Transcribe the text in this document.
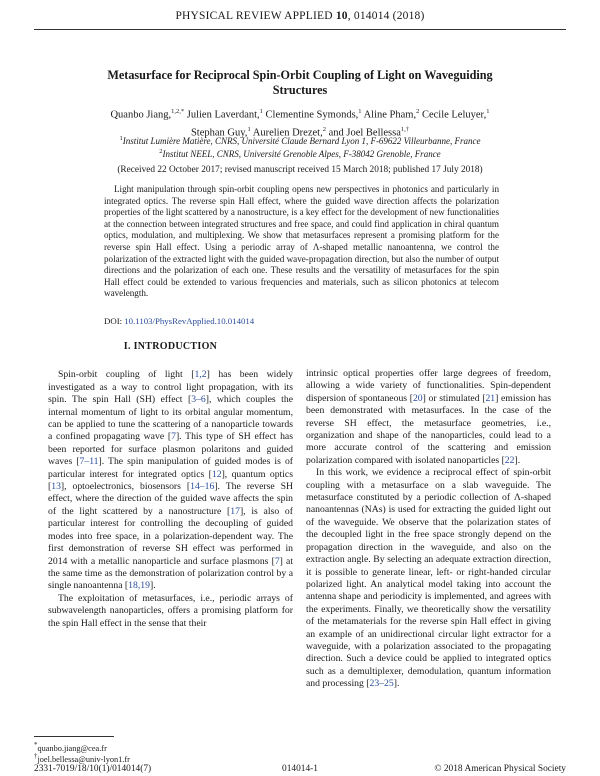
PHYSICAL REVIEW APPLIED 10, 014014 (2018)
Metasurface for Reciprocal Spin-Orbit Coupling of Light on Waveguiding
Structures
Quanbo Jiang,$^{1,2,*}$ Julien Laverdant,$^1$ Clementine Symonds,$^1$ Aline Pham,$^2$ Cecile Leluyer,$^1$
Stephan Guy,$^1$ Aurelien Drezet,$^2$ and Joel Bellessa$^{1,\dagger}$
$^1$Institut Lumière Matière, CNRS, Université Claude Bernard Lyon 1, F-69622 Villeurbanne, France
$^2$Institut NEEL, CNRS, Université Grenoble Alpes, F-38042 Grenoble, France
(Received 22 October 2017; revised manuscript received 15 March 2018; published 17 July 2018)

Light manipulation through spin-orbit coupling opens new perspectives in photonics and particularly in integrated optics. The reverse spin Hall effect, where the guided wave direction affects the polarization properties of the light scattered by a nanostructure, is a key effect for the development of new functionalities at the connection between integrated structures and free space, and could find application in chiral quantum optics, modulation, and multiplexing. We show that metasurfaces represent a promising platform for the reverse spin Hall effect. Using a periodic array of Λ-shaped metallic nanoantenna, we control the polarization of the extracted light with the guided wave-propagation direction, but also the number of output directions and the polarization of each one. These results and the versatility of metasurfaces for the spin Hall effect could be extended to various frequencies and materials, such as silicon photonics at telecom wavelength.

DOI: 10.1103/PhysRevApplied.10.014014
I. INTRODUCTION

Spin-orbit coupling of light [1,2] has been widely investigated as a way to control light propagation, with its spin. The spin Hall (SH) effect [3–6], which couples the internal momentum of light to its orbital angular momentum, can be applied to tune the scattering of a nanoparticle towards a confined propagating wave [7]. This type of SH effect has been reported for surface plasmon polaritons and guided waves [7–11]. The spin manipulation of guided modes is of particular interest for integrated optics [12], quantum optics [13], optoelectronics, biosensors [14–16]. The reverse SH effect, where the direction of the guided wave affects the spin of the light scattered by a nanostructure [17], is also of particular interest for controlling the decoupling of guided modes into free space, in a polarization-dependent way. The first demonstration of reverse SH effect was performed in 2014 with a metallic nanoparticle and surface plasmons [7] at the same time as the demonstration of polarization control by a single nanoantenna [18,19].

The exploitation of metasurfaces, i.e., periodic arrays of subwavelength nanoparticles, offers a promising platform for the spin Hall effect in the sense that their

intrinsic optical properties offer large degrees of freedom, allowing a wide variety of functionalities. Spin-dependent dispersion of spontaneous [20] or stimulated [21] emission has been demonstrated with metasurfaces. In the case of the reverse SH effect, the metasurface geometries, i.e., organization and shape of the nanoparticles, could lead to a more accurate control of the scattering and emission polarization compared with isolated nanoparticles [22].

In this work, we evidence a reciprocal effect of spin-orbit coupling with a metasurface on a slab waveguide. The metasurface constituted by a periodic collection of Λ-shaped nanoantennas (NAs) is used for extracting the guided light out of the waveguide. We observe that the polarization states of the decoupled light in the free space strongly depend on the propagation direction in the waveguide, and also on the extraction angle. By selecting an adequate extraction direction, it is possible to generate linear, left- or right-handed circular polarized light. An analytical model taking into account the antenna shape and periodicity is implemented, and agrees with the experiments. Finally, we theoretically show the versatility of the metamaterials for the reverse spin Hall effect in giving an example of an unidirectional circular light extractor for a waveguide, with a polarization associated to the propagating direction. Such a device could be applied to integrated optics such as a demultiplexer, demodulation, quantum information and processing [23–25].

*quanbo.jiang@cea.fr
†joel.bellessa@univ-lyon1.fr
2331-7019/18/10(1)/014014(7)	014014-1	© 2018 American Physical Society
